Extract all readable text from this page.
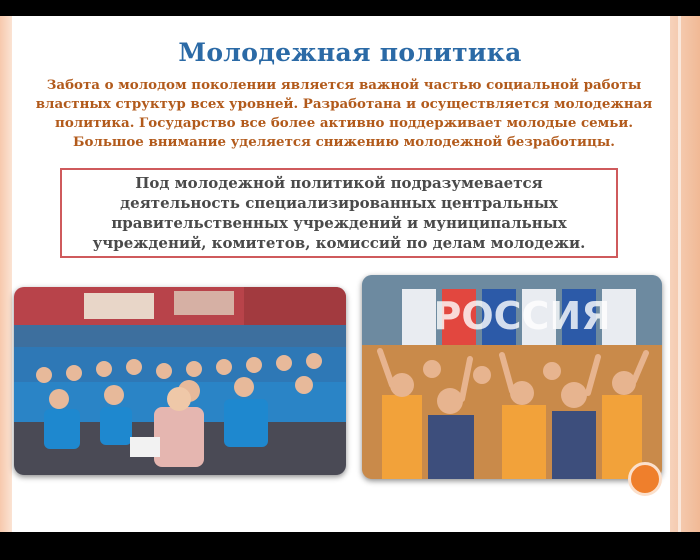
Молодежная политика
Забота о молодом поколении является важной частью социальной работы
властных структур всех уровней. Разработана и осуществляется молодежная
политика. Государство все более активно поддерживает молодые семьи.
Большое внимание уделяется снижению молодежной безработицы.
Под молодежной политикой подразумевается
деятельность специализированных центральных
правительственных учреждений и муниципальных
учреждений, комитетов, комиссий по делам молодежи.
РОССИЯ
